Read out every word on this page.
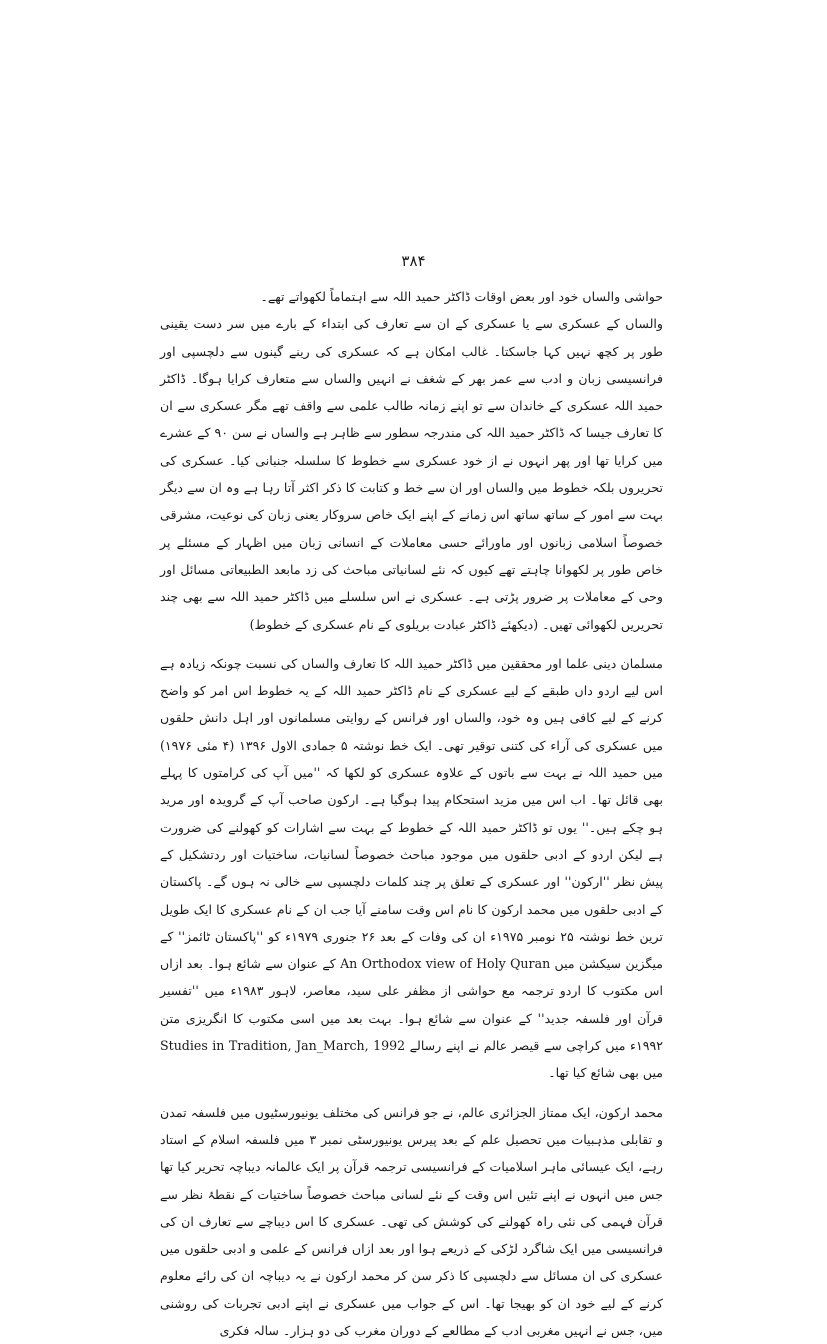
۳۸۴

حواشی والساں خود اور بعض اوقات ڈاکٹر حمید اللہ سے اہتماماً لکھواتے تھے۔

والساں کے عسکری سے یا عسکری کے ان سے تعارف کی ابتداء کے بارے میں سر دست یقینی طور پر کچھ نہیں کہا جاسکتا۔ غالب امکان ہے کہ عسکری کی رینے گینوں سے دلچسپی اور فرانسیسی زبان و ادب سے عمر بھر کے شغف نے انہیں والساں سے متعارف کرایا ہوگا۔ ڈاکٹر حمید اللہ عسکری کے خاندان سے تو اپنے زمانہ طالب علمی سے واقف تھے مگر عسکری سے ان کا تعارف جیسا کہ ڈاکٹر حمید اللہ کی مندرجہ سطور سے ظاہر ہے والساں نے سن ۹۰ کے عشرے میں کرایا تھا اور پھر انہوں نے از خود عسکری سے خطوط کا سلسلہ جنبانی کیا۔ عسکری کی تحریروں بلکہ خطوط میں والساں اور ان سے خط و کتابت کا ذکر اکثر آتا رہا ہے وہ ان سے دیگر بہت سے امور کے ساتھ ساتھ اس زمانے کے اپنے ایک خاص سروکار یعنی زبان کی نوعیت، مشرقی خصوصاً اسلامی زبانوں اور ماورائے حسی معاملات کے انسانی زبان میں اظہار کے مسئلے پر خاص طور پر لکھوانا چاہتے تھے کیوں کہ نئے لسانیاتی مباحث کی زد مابعد الطبیعاتی مسائل اور وحی کے معاملات پر ضرور پڑتی ہے۔ عسکری نے اس سلسلے میں ڈاکٹر حمید اللہ سے بھی چند تحریریں لکھوائی تھیں۔ (دیکھئے ڈاکٹر عبادت بریلوی کے نام عسکری کے خطوط)

مسلمان دینی علما اور محققین میں ڈاکٹر حمید اللہ کا تعارف والساں کی نسبت چونکہ زیادہ ہے اس لیے اردو داں طبقے کے لیے عسکری کے نام ڈاکٹر حمید اللہ کے یہ خطوط اس امر کو واضح کرنے کے لیے کافی ہیں وہ خود، والساں اور فرانس کے روایتی مسلمانوں اور اہل دانش حلقوں میں عسکری کی آراء کی کتنی توقیر تھی۔ ایک خط نوشتہ ۵ جمادی الاول ۱۳۹۶ (۴ مئی ۱۹۷۶) میں حمید اللہ نے بہت سے باتوں کے علاوہ عسکری کو لکھا کہ ''میں آپ کی کرامتوں کا پہلے بھی قائل تھا۔ اب اس میں مزید استحکام پیدا ہوگیا ہے۔ ارکون صاحب آپ کے گرویدہ اور مرید ہو چکے ہیں۔'' یوں تو ڈاکٹر حمید اللہ کے خطوط کے بہت سے اشارات کو کھولنے کی ضرورت ہے لیکن اردو کے ادبی حلقوں میں موجود مباحث خصوصاً لسانیات، ساختیات اور ردتشکیل کے پیش نظر ''ارکون'' اور عسکری کے تعلق پر چند کلمات دلچسپی سے خالی نہ ہوں گے۔ پاکستان کے ادبی حلقوں میں محمد ارکون کا نام اس وقت سامنے آیا جب ان کے نام عسکری کا ایک طویل ترین خط نوشتہ ۲۵ نومبر ۱۹۷۵ء ان کی وفات کے بعد ۲۶ جنوری ۱۹۷۹ء کو ''پاکستان ٹائمز'' کے میگزین سیکشن میں An Orthodox view of Holy Quran کے عنوان سے شائع ہوا۔ بعد ازاں اس مکتوب کا اردو ترجمہ مع حواشی از مظفر علی سید، معاصر، لاہور ۱۹۸۳ء میں ''تفسیر قرآن اور فلسفہ جدید'' کے عنوان سے شائع ہوا۔ بہت بعد میں اسی مکتوب کا انگریزی متن ۱۹۹۲ء میں کراچی سے قیصر عالم نے اپنے رسالے Studies in Tradition, Jan_March, 1992 میں بھی شائع کیا تھا۔

محمد ارکون، ایک ممتاز الجزائری عالم، نے جو فرانس کی مختلف یونیورسٹیوں میں فلسفہ تمدن و تقابلی مذہبیات میں تحصیل علم کے بعد پیرس یونیورسٹی نمبر ۳ میں فلسفہ اسلام کے استاد رہے، ایک عیسائی ماہر اسلامیات کے فرانسیسی ترجمہ قرآن پر ایک عالمانہ دیباچہ تحریر کیا تھا جس میں انہوں نے اپنے تئیں اس وقت کے نئے لسانی مباحث خصوصاً ساختیات کے نقطۂ نظر سے قرآن فہمی کی نئی راہ کھولنے کی کوشش کی تھی۔ عسکری کا اس دیباچے سے تعارف ان کی فرانسیسی میں ایک شاگرد لڑکی کے ذریعے ہوا اور بعد ازاں فرانس کے علمی و ادبی حلقوں میں عسکری کی ان مسائل سے دلچسپی کا ذکر سن کر محمد ارکون نے یہ دیباچہ ان کی رائے معلوم کرنے کے لیے خود ان کو بھیجا تھا۔ اس کے جواب میں عسکری نے اپنے ادبی تجربات کی روشنی میں، جس نے انہیں مغربی ادب کے مطالعے کے دوران مغرب کی دو ہزار۔ سالہ فکری
